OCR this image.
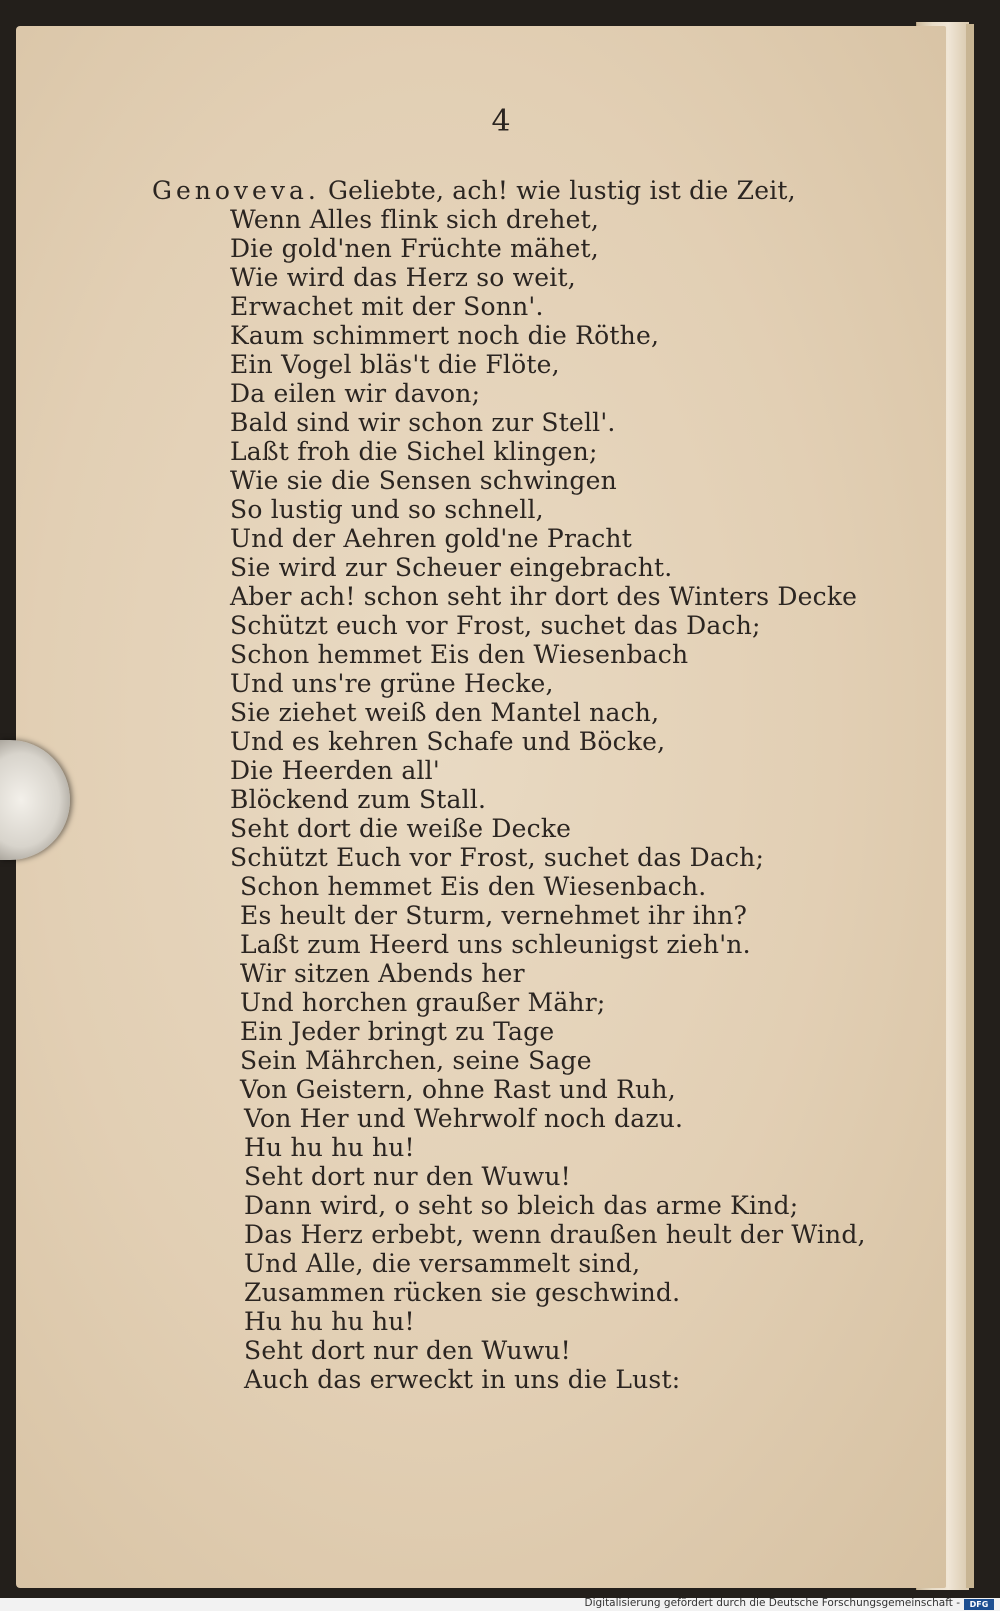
4
Genoveva. Geliebte, ach! wie lustig ist die Zeit,
Wenn Alles flink sich drehet,
Die gold'nen Früchte mähet,
Wie wird das Herz so weit,
Erwachet mit der Sonn'.
Kaum schimmert noch die Röthe,
Ein Vogel bläs't die Flöte,
Da eilen wir davon;
Bald sind wir schon zur Stell'.
Laßt froh die Sichel klingen;
Wie sie die Sensen schwingen
So lustig und so schnell,
Und der Aehren gold'ne Pracht
Sie wird zur Scheuer eingebracht.
Aber ach! schon seht ihr dort des Winters Decke
Schützt euch vor Frost, suchet das Dach;
Schon hemmet Eis den Wiesenbach
Und uns're grüne Hecke,
Sie ziehet weiß den Mantel nach,
Und es kehren Schafe und Böcke,
Die Heerden all'
Blöckend zum Stall.
Seht dort die weiße Decke
Schützt Euch vor Frost, suchet das Dach;
Schon hemmet Eis den Wiesenbach.
Es heult der Sturm, vernehmet ihr ihn?
Laßt zum Heerd uns schleunigst zieh'n.
Wir sitzen Abends her
Und horchen graußer Mähr;
Ein Jeder bringt zu Tage
Sein Mährchen, seine Sage
Von Geistern, ohne Rast und Ruh,
Von Her und Wehrwolf noch dazu.
Hu hu hu hu!
Seht dort nur den Wuwu!
Dann wird, o seht so bleich das arme Kind;
Das Herz erbebt, wenn draußen heult der Wind,
Und Alle, die versammelt sind,
Zusammen rücken sie geschwind.
Hu hu hu hu!
Seht dort nur den Wuwu!
Auch das erweckt in uns die Lust:
Digitalisierung gefördert durch die Deutsche Forschungsgemeinschaft -	DFG
